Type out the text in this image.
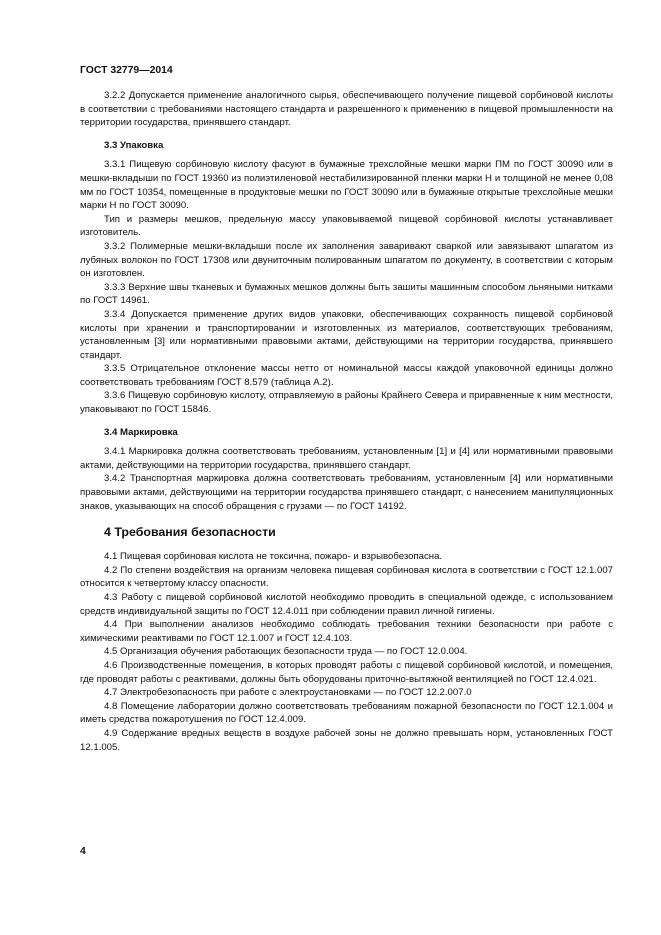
ГОСТ 32779—2014

3.2.2 Допускается применение аналогичного сырья, обеспечивающего получение пищевой сорбиновой кислоты в соответствии с требованиями настоящего стандарта и разрешенного к применению в пищевой промышленности на территории государства, принявшего стандарт.

3.3 Упаковка

3.3.1 Пищевую сорбиновую кислоту фасуют в бумажные трехслойные мешки марки ПМ по ГОСТ 30090 или в мешки-вкладыши по ГОСТ 19360 из полиэтиленовой нестабилизированной пленки марки Н и толщиной не менее 0,08 мм по ГОСТ 10354, помещенные в продуктовые мешки по ГОСТ 30090 или в бумажные открытые трехслойные мешки марки Н по ГОСТ 30090.

Тип и размеры мешков, предельную массу упаковываемой пищевой сорбиновой кислоты устанавливает изготовитель.

3.3.2 Полимерные мешки-вкладыши после их заполнения заваривают сваркой или завязывают шпагатом из лубяных волокон по ГОСТ 17308 или двуниточным полированным шпагатом по документу, в соответствии с которым он изготовлен.

3.3.3 Верхние швы тканевых и бумажных мешков должны быть зашиты машинным способом льняными нитками по ГОСТ 14961.

3.3.4 Допускается применение других видов упаковки, обеспечивающих сохранность пищевой сорбиновой кислоты при хранении и транспортировании и изготовленных из материалов, соответствующих требованиям, установленным [3] или нормативными правовыми актами, действующими на территории государства, принявшего стандарт.

3.3.5 Отрицательное отклонение массы нетто от номинальной массы каждой упаковочной единицы должно соответствовать требованиям ГОСТ 8.579 (таблица А.2).

3.3.6 Пищевую сорбиновую кислоту, отправляемую в районы Крайнего Севера и приравненные к ним местности, упаковывают по ГОСТ 15846.

3.4 Маркировка

3.4.1 Маркировка должна соответствовать требованиям, установленным [1] и [4] или нормативными правовыми актами, действующими на территории государства, принявшего стандарт.

3.4.2 Транспортная маркировка должна соответствовать требованиям, установленным [4] или нормативными правовыми актами, действующими на территории государства принявшего стандарт, с нанесением манипуляционных знаков, указывающих на способ обращения с грузами — по ГОСТ 14192.

4 Требования безопасности

4.1 Пищевая сорбиновая кислота не токсична, пожаро- и взрывобезопасна.

4.2 По степени воздействия на организм человека пищевая сорбиновая кислота в соответствии с ГОСТ 12.1.007 относится к четвертому классу опасности.

4.3 Работу с пищевой сорбиновой кислотой необходимо проводить в специальной одежде, с использованием средств индивидуальной защиты по ГОСТ 12.4.011 при соблюдении правил личной гигиены.

4.4 При выполнении анализов необходимо соблюдать требования техники безопасности при работе с химическими реактивами по ГОСТ 12.1.007 и ГОСТ 12.4.103.

4.5 Организация обучения работающих безопасности труда — по ГОСТ 12.0.004.

4.6 Производственные помещения, в которых проводят работы с пищевой сорбиновой кислотой, и помещения, где проводят работы с реактивами, должны быть оборудованы приточно-вытяжной вентиляцией по ГОСТ 12.4.021.

4.7 Электробезопасность при работе с электроустановками — по ГОСТ 12.2.007.0

4.8 Помещение лаборатории должно соответствовать требованиям пожарной безопасности по ГОСТ 12.1.004 и иметь средства пожаротушения по ГОСТ 12.4.009.

4.9 Содержание вредных веществ в воздухе рабочей зоны не должно превышать норм, установленных ГОСТ 12.1.005.

4
